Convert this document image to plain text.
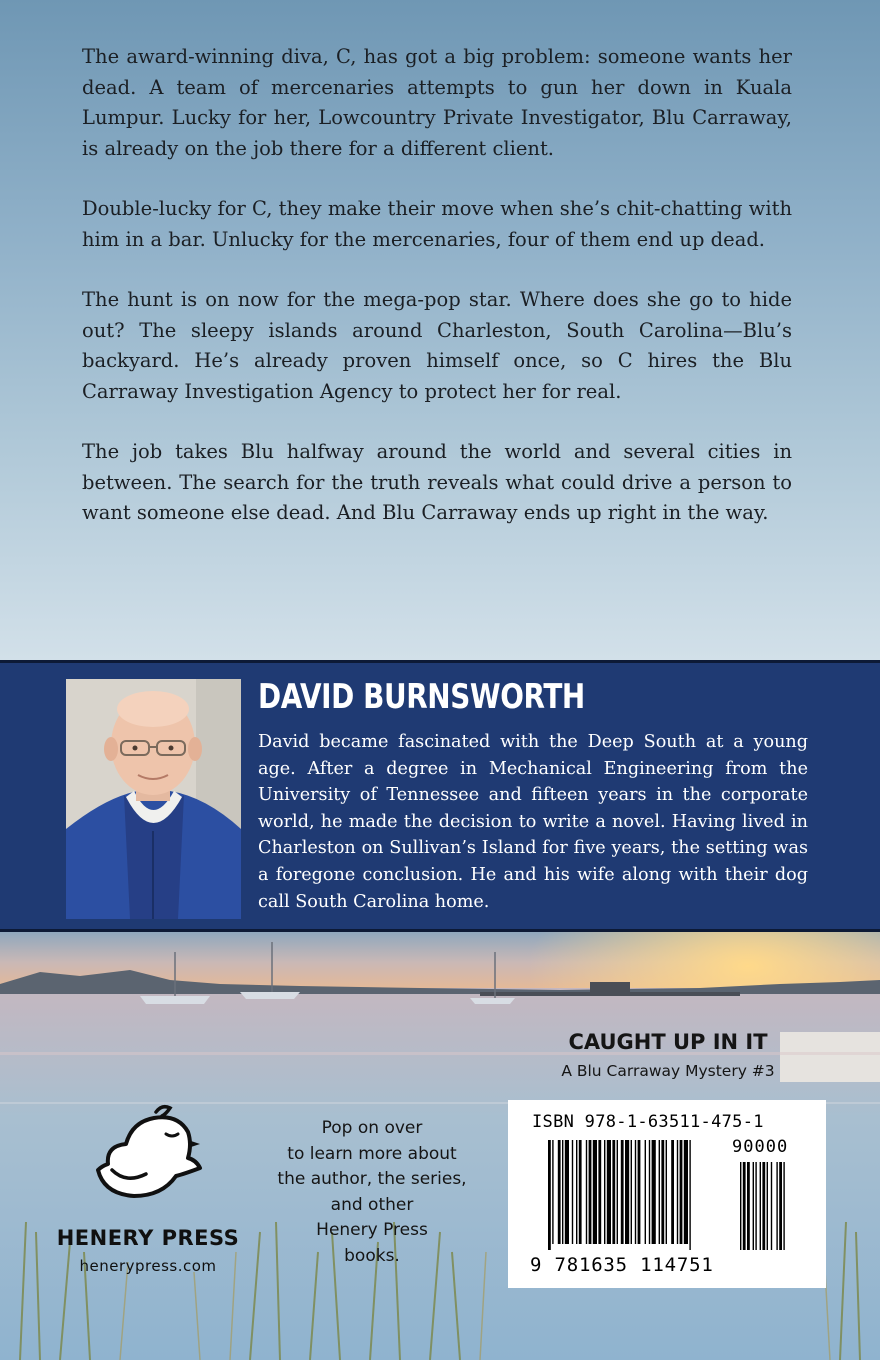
The award-winning diva, C, has got a big problem: someone wants her dead. A team of mercenaries attempts to gun her down in Kuala Lumpur. Lucky for her, Lowcountry Private Investigator, Blu Carraway, is already on the job there for a different client.

Double-lucky for C, they make their move when she’s chit-chatting with him in a bar. Unlucky for the mercenaries, four of them end up dead.

The hunt is on now for the mega-pop star. Where does she go to hide out? The sleepy islands around Charleston, South Carolina—Blu’s backyard. He’s already proven himself once, so C hires the Blu Carraway Investigation Agency to protect her for real.

The job takes Blu halfway around the world and several cities in between. The search for the truth reveals what could drive a person to want someone else dead. And Blu Carraway ends up right in the way.

DAVID BURNSWORTH
David became fascinated with the Deep South at a young age. After a degree in Mechanical Engineering from the University of Tennessee and fifteen years in the corporate world, he made the decision to write a novel. Having lived in Charleston on Sullivan’s Island for five years, the setting was a foregone conclusion. He and his wife along with their dog call South Carolina home.
HENERY PRESS
henerypress.com
Pop on over
to learn more about
the author, the series,
and other
Henery Press
books.
CAUGHT UP IN IT
A Blu Carraway Mystery #3
ISBN 978-1-63511-475-1
90000
9 781635 114751
